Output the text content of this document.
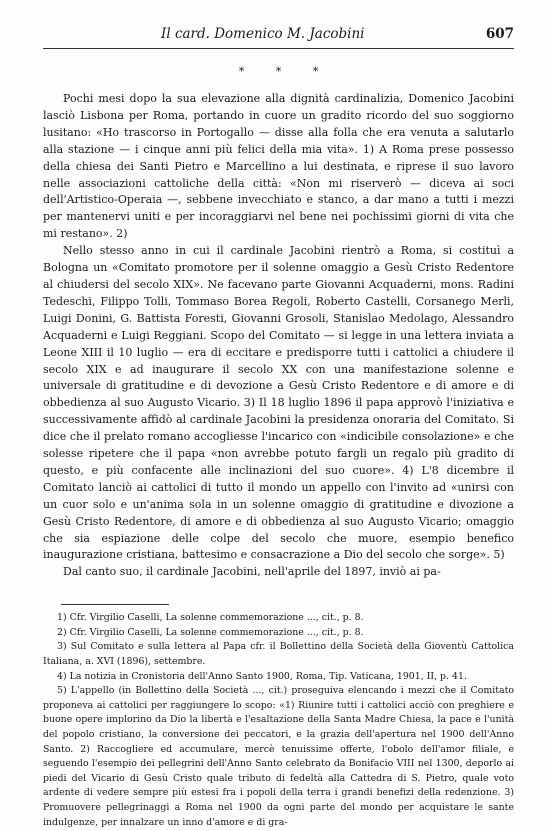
Il card. Domenico M. Jacobini	607
* * *

Pochi mesi dopo la sua elevazione alla dignità cardinalizia, Domenico Jacobini lasciò Lisbona per Roma, portando in cuore un gradito ricordo del suo soggiorno lusitano: «Ho trascorso in Portogallo — disse alla folla che era venuta a salutarlo alla stazione — i cinque anni più felici della mia vita». 1) A Roma prese possesso della chiesa dei Santi Pietro e Marcellino a lui destinata, e riprese il suo lavoro nelle associazioni cattoliche della città: «Non mi riserverò — diceva ai soci dell'Artistico-Operaia —, sebbene invecchiato e stanco, a dar mano a tutti i mezzi per mantenervi uniti e per incoraggiarvi nel bene nei pochissimi giorni di vita che mi restano». 2)

Nello stesso anno in cui il cardinale Jacobini rientrò a Roma, si costituì a Bologna un «Comitato promotore per il solenne omaggio a Gesù Cristo Redentore al chiudersi del secolo XIX». Ne facevano parte Giovanni Acquaderni, mons. Radini Tedeschi, Filippo Tolli, Tommaso Borea Regoli, Roberto Castelli, Corsanego Merli, Luigi Donini, G. Battista Foresti, Giovanni Grosoli, Stanislao Medolago, Alessandro Acquaderni e Luigi Reggiani. Scopo del Comitato — si legge in una lettera inviata a Leone XIII il 10 luglio — era di eccitare e predisporre tutti i cattolici a chiudere il secolo XIX e ad inaugurare il secolo XX con una manifestazione solenne e universale di gratitudine e di devozione a Gesù Cristo Redentore e di amore e di obbedienza al suo Augusto Vicario. 3) Il 18 luglio 1896 il papa approvò l'iniziativa e successivamente affidò al cardinale Jacobini la presidenza onoraria del Comitato. Si dice che il prelato romano accogliesse l'incarico con «indicibile consolazione» e che solesse ripetere che il papa «non avrebbe potuto fargli un regalo più gradito di questo, e più confacente alle inclinazioni del suo cuore». 4) L'8 dicembre il Comitato lanciò ai cattolici di tutto il mondo un appello con l'invito ad «unirsi con un cuor solo e un'anima sola in un solenne omaggio di gratitudine e divozione a Gesù Cristo Redentore, di amore e di obbedienza al suo Augusto Vicario; omaggio che sia espiazione delle colpe del secolo che muore, esempio benefico inaugurazione cristiana, battesimo e consacrazione a Dio del secolo che sorge». 5)

Dal canto suo, il cardinale Jacobini, nell'aprile del 1897, inviò ai pa-

1) Cfr. Virgilio Caselli, La solenne commemorazione ..., cit., p. 8.
2) Cfr. Virgilio Caselli, La solenne commemorazione ..., cit., p. 8.
3) Sul Comitato e sulla lettera al Papa cfr. il Bollettino della Società della Gioventù Cattolica Italiana, a. XVI (1896), settembre.
4) La notizia in Cronistoria dell'Anno Santo 1900, Roma, Tip. Vaticana, 1901, II, p. 41.
5) L'appello (in Bollettino della Società ..., cit.) proseguiva elencando i mezzi che il Comitato proponeva ai cattolici per raggiungere lo scopo: «1) Riunire tutti i cattolici acciò con preghiere e buone opere implorino da Dio la libertà e l'esaltazione della Santa Madre Chiesa, la pace e l'unità del popolo cristiano, la conversione dei peccatori, e la grazia dell'apertura nel 1900 dell'Anno Santo. 2) Raccogliere ed accumulare, mercè tenuissime offerte, l'obolo dell'amor filiale, e seguendo l'esempio dei pellegrini dell'Anno Santo celebrato da Bonifacio VIII nel 1300, deporlo ai piedi del Vicario di Gesù Cristo quale tributo di fedeltà alla Cattedra di S. Pietro, quale voto ardente di vedere sempre più estesi fra i popoli della terra i grandi benefizi della redenzione. 3) Promuovere pellegrinaggi a Roma nel 1900 da ogni parte del mondo per acquistare le sante indulgenze, per innalzare un inno d'amore e di gra-
